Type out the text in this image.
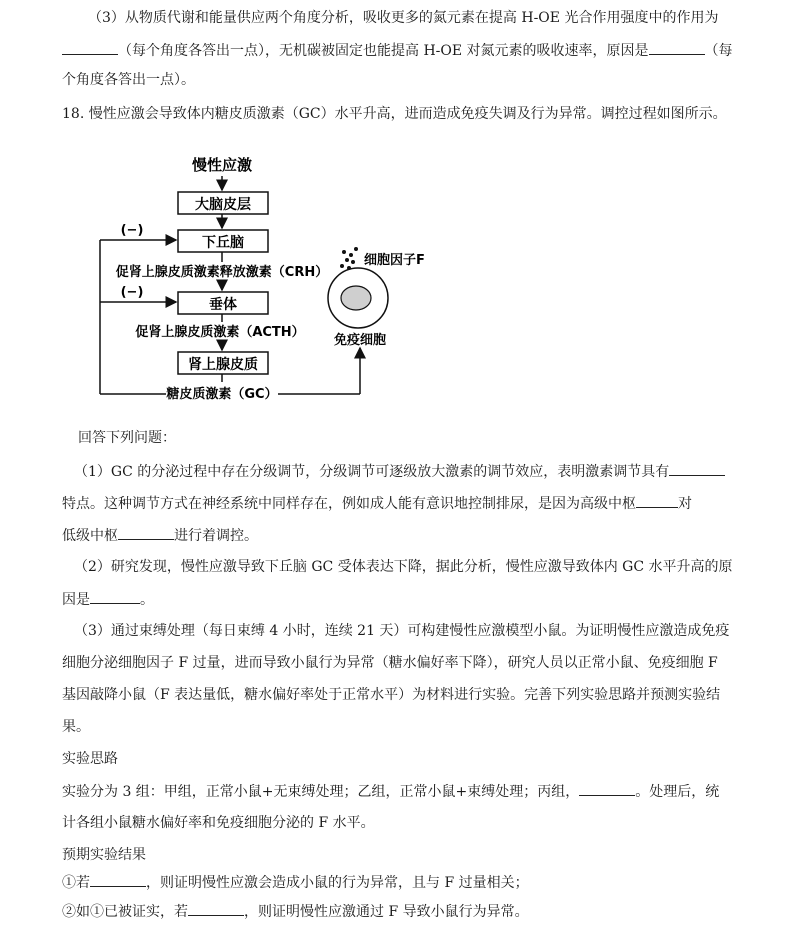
（3）从物质代谢和能量供应两个角度分析，吸收更多的氮元素在提高 H-OE 光合作用强度中的作用为
（每个角度各答出一点），无机碳被固定也能提高 H-OE 对氮元素的吸收速率，原因是	（每
个角度各答出一点）。
18. 慢性应激会导致体内糖皮质激素（GC）水平升高，进而造成免疫失调及行为异常。调控过程如图所示。
慢性应激
大脑皮层
下丘脑
促肾上腺皮质激素释放激素（CRH）
垂体
促肾上腺皮质激素（ACTH）
肾上腺皮质
糖皮质激素（GC）
(−)
(−)
免疫细胞
细胞因子F
回答下列问题：
（1）GC 的分泌过程中存在分级调节，分级调节可逐级放大激素的调节效应，表明激素调节具有
特点。这种调节方式在神经系统中同样存在，例如成人能有意识地控制排尿，是因为高级中枢	对
低级中枢	进行着调控。
（2）研究发现，慢性应激导致下丘脑 GC 受体表达下降，据此分析，慢性应激导致体内 GC 水平升高的原
因是	。
（3）通过束缚处理（每日束缚 4 小时，连续 21 天）可构建慢性应激模型小鼠。为证明慢性应激造成免疫
细胞分泌细胞因子 F 过量，进而导致小鼠行为异常（糖水偏好率下降），研究人员以正常小鼠、免疫细胞 F
基因敲降小鼠（F 表达量低，糖水偏好率处于正常水平）为材料进行实验。完善下列实验思路并预测实验结
果。
实验思路
实验分为 3 组：甲组，正常小鼠+无束缚处理；乙组，正常小鼠+束缚处理；丙组，	。处理后，统
计各组小鼠糖水偏好率和免疫细胞分泌的 F 水平。
预期实验结果
①若	，则证明慢性应激会造成小鼠的行为异常，且与 F 过量相关；
②如①已被证实，若	，则证明慢性应激通过 F 导致小鼠行为异常。
